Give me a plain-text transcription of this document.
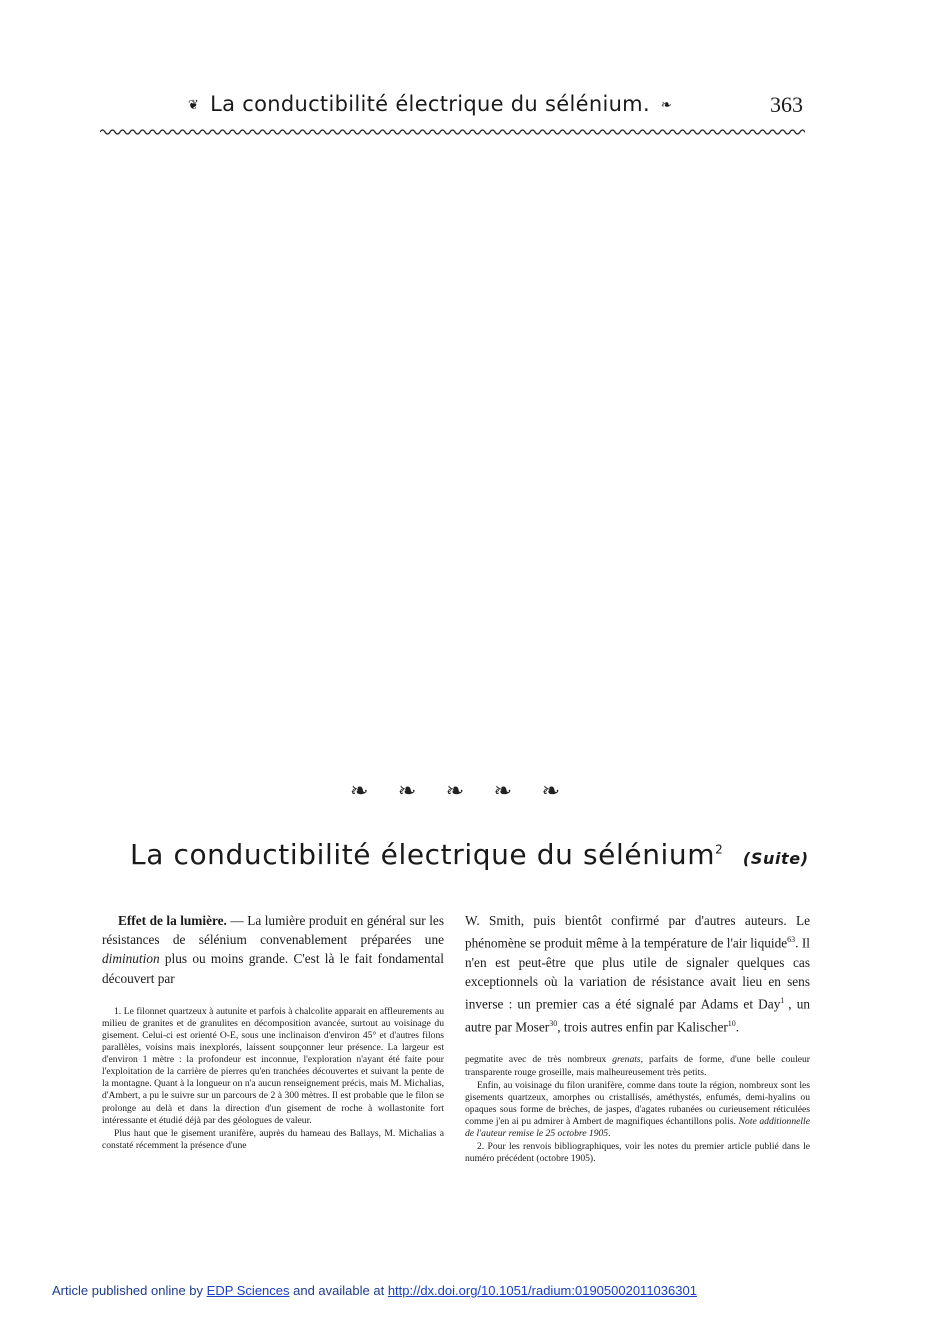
❦ La conductibilité électrique du sélénium. ❧	363
❧ ❧ ❧ ❧ ❧
La conductibilité électrique du sélénium$^2$ (Suite)

Effet de la lumière. — La lumière produit en général sur les résistances de sélénium convenablement préparées une diminution plus ou moins grande. C'est là le fait fondamental découvert par

1. Le filonnet quartzeux à autunite et parfois à chalcolite apparait en affleurements au milieu de granites et de granulites en décomposition avancée, surtout au voisinage du gisement. Celui-ci est orienté O-E, sous une inclinaison d'environ 45° et d'autres filons parallèles, voisins mais inexplorés, laissent soupçonner leur présence. La largeur est d'environ 1 mètre : la profondeur est inconnue, l'exploration n'ayant été faite pour l'exploitation de la carrière de pierres qu'en tranchées découvertes et suivant la pente de la montagne. Quant à la longueur on n'a aucun renseignement précis, mais M. Michalias, d'Ambert, a pu le suivre sur un parcours de 2 à 300 mètres. Il est probable que le filon se prolonge au delà et dans la direction d'un gisement de roche à wollastonite fort intéressante et étudié déjà par des géologues de valeur.

Plus haut que le gisement uranifère, auprès du hameau des Ballays, M. Michalias a constaté récemment la présence d'une

W. Smith, puis bientôt confirmé par d'autres auteurs. Le phénomène se produit même à la température de l'air liquide$^{63}$. Il n'en est peut-être que plus utile de signaler quelques cas exceptionnels où la variation de résistance avait lieu en sens inverse : un premier cas a été signalé par Adams et Day$^1$ , un autre par Moser$^{30}$, trois autres enfin par Kalischer$^{10}$.

pegmatite avec de très nombreux grenats, parfaits de forme, d'une belle couleur transparente rouge groseille, mais malheureusement très petits.

Enfin, au voisinage du filon uranifère, comme dans toute la région, nombreux sont les gisements quartzeux, amorphes ou cristallisés, améthystés, enfumés, demi-hyalins ou opaques sous forme de brèches, de jaspes, d'agates rubanées ou curieusement réticulées comme j'en ai pu admirer à Ambert de magnifiques échantillons polis. Note additionnelle de l'auteur remise le 25 octobre 1905.

2. Pour les renvois bibliographiques, voir les notes du premier article publié dans le numéro précédent (octobre 1905).

Article published online by EDP Sciences and available at http://dx.doi.org/10.1051/radium:01905002011036301
